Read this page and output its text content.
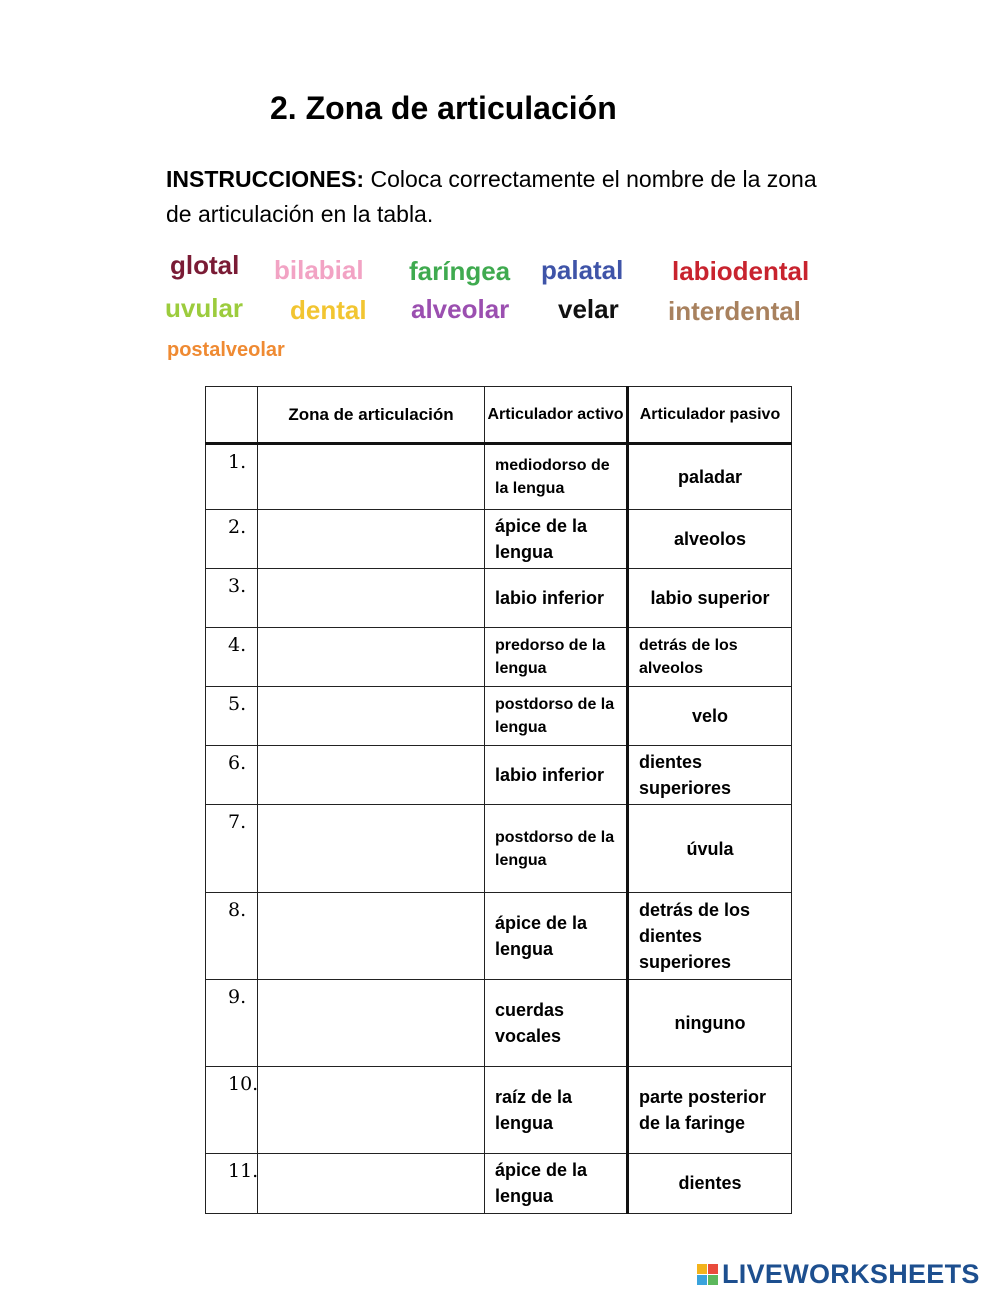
2. Zona de articulación
INSTRUCCIONES: Coloca correctamente el nombre de la zona de articulación en la tabla.
glotal bilabial faríngea palatal labiodental
uvular dental alveolar velar interdental
postalveolar
	Zona de articulación	Articulador activo	Articulador pasivo
1.		mediodorso de la lengua	paladar
2.		ápice de la lengua	alveolos
3.		labio inferior	labio superior
4.		predorso de la lengua	detrás de los alveolos
5.		postdorso de la lengua	velo
6.		labio inferior	dientes superiores
7.		postdorso de la lengua	úvula
8.		ápice de la lengua	detrás de los dientes superiores
9.		cuerdas vocales	ninguno
10.		raíz de la lengua	parte posterior de la faringe
11.		ápice de la lengua	dientes
LIVEWORKSHEETS
